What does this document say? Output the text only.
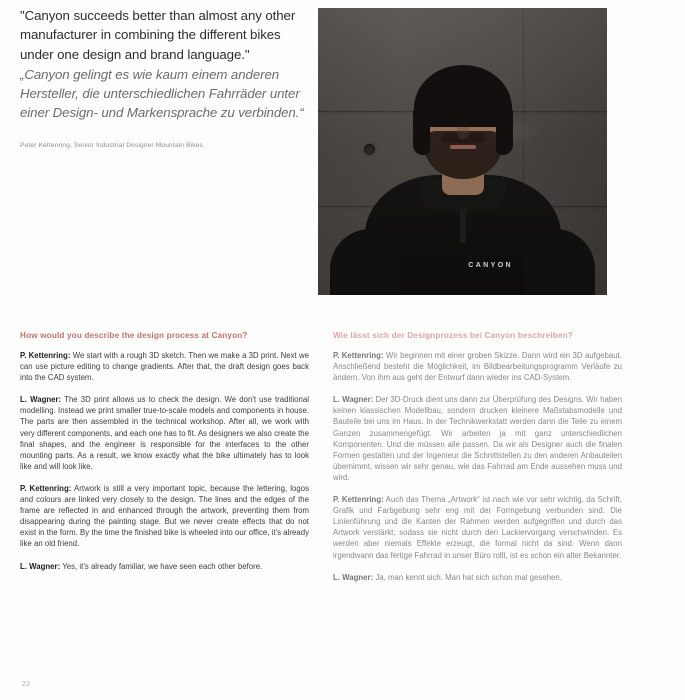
"Canyon succeeds better than almost any other manufacturer in combining the different bikes under one design and brand language."

„Canyon gelingt es wie kaum einem anderen Hersteller, die unterschiedlichen Fahrräder unter einer Design- und Markensprache zu verbinden.“

Peter Kettenring, Senior Industrial Designer Mountain Bikes
CANYON
How would you describe the design process at Canyon?

P. Kettenring: We start with a rough 3D sketch. Then we make a 3D print. Next we can use picture editing to change gradients. After that, the draft design goes back into the CAD system.

L. Wagner: The 3D print allows us to check the design. We don't use traditional modelling. Instead we print smaller true-to-scale models and components in house. The parts are then assembled in the technical workshop. After all, we work with very different components, and each one has to fit. As designers we also create the final shapes, and the engineer is responsible for the interfaces to the other mounting parts. As a result, we know exactly what the bike ultimately has to look like and will look like.

P. Kettenring: Artwork is still a very important topic, because the lettering, logos and colours are linked very closely to the design. The lines and the edges of the frame are reflected in and enhanced through the artwork, preventing them from disappearing during the painting stage. But we never create effects that do not exist in the form. By the time the finished bike is wheeled into our office, it's already like an old friend.

L. Wagner: Yes, it's already familiar, we have seen each other before.

Wie lässt sich der Designprozess bei Canyon beschreiben?

P. Kettenring: Wir beginnen mit einer groben Skizze. Dann wird ein 3D aufgebaut. Anschließend besteht die Möglichkeit, im Bildbearbeitungsprogramm Verläufe zu ändern. Von ihm aus geht der Entwurf dann wieder ins CAD-System.

L. Wagner: Der 3D-Druck dient uns dann zur Überprüfung des Designs. Wir haben keinen klassischen Modellbau, sondern drucken kleinere Maßstabsmodelle und Bauteile bei uns im Haus. In der Technikwerkstatt werden dann die Teile zu einem Ganzen zusammengefügt. Wir arbeiten ja mit ganz unterschiedlichen Komponenten. Und die müssen alle passen. Da wir als Designer auch die finalen Formen gestalten und der Ingenieur die Schnittstellen zu den anderen Anbauteilen übernimmt, wissen wir sehr genau, wie das Fahrrad am Ende aussehen muss und wird.

P. Kettenring: Auch das Thema „Artwork“ ist nach wie vor sehr wichtig, da Schrift, Grafik und Farbgebung sehr eng mit der Formgebung verbunden sind. Die Linienführung und die Kanten der Rahmen werden aufgegriffen und durch das Artwork verstärkt, sodass sie nicht durch den Lackiervorgang verschwinden. Es werden aber niemals Effekte erzeugt, die formal nicht da sind. Wenn dann irgendwann das fertige Fahrrad in unser Büro rollt, ist es schon ein alter Bekannter.

L. Wagner: Ja, man kennt sich. Man hat sich schon mal gesehen.

22
